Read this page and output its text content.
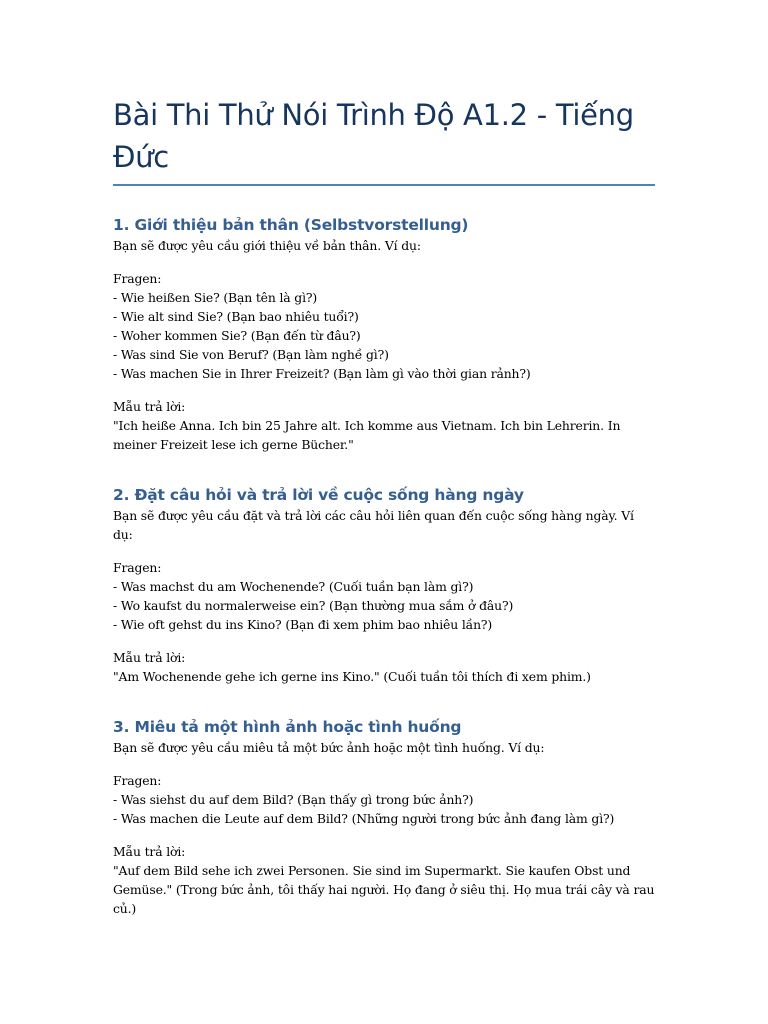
Bài Thi Thử Nói Trình Độ A1.2 - Tiếng Đức
1. Giới thiệu bản thân (Selbstvorstellung)

Bạn sẽ được yêu cầu giới thiệu về bản thân. Ví dụ:

Fragen:
- Wie heißen Sie? (Bạn tên là gì?)
- Wie alt sind Sie? (Bạn bao nhiêu tuổi?)
- Woher kommen Sie? (Bạn đến từ đâu?)
- Was sind Sie von Beruf? (Bạn làm nghề gì?)
- Was machen Sie in Ihrer Freizeit? (Bạn làm gì vào thời gian rảnh?)

Mẫu trả lời:
"Ich heiße Anna. Ich bin 25 Jahre alt. Ich komme aus Vietnam. Ich bin Lehrerin. In meiner Freizeit lese ich gerne Bücher."

2. Đặt câu hỏi và trả lời về cuộc sống hàng ngày

Bạn sẽ được yêu cầu đặt và trả lời các câu hỏi liên quan đến cuộc sống hàng ngày. Ví dụ:

Fragen:
- Was machst du am Wochenende? (Cuối tuần bạn làm gì?)
- Wo kaufst du normalerweise ein? (Bạn thường mua sắm ở đâu?)
- Wie oft gehst du ins Kino? (Bạn đi xem phim bao nhiêu lần?)

Mẫu trả lời:
"Am Wochenende gehe ich gerne ins Kino." (Cuối tuần tôi thích đi xem phim.)

3. Miêu tả một hình ảnh hoặc tình huống

Bạn sẽ được yêu cầu miêu tả một bức ảnh hoặc một tình huống. Ví dụ:

Fragen:
- Was siehst du auf dem Bild? (Bạn thấy gì trong bức ảnh?)
- Was machen die Leute auf dem Bild? (Những người trong bức ảnh đang làm gì?)

Mẫu trả lời:
"Auf dem Bild sehe ich zwei Personen. Sie sind im Supermarkt. Sie kaufen Obst und Gemüse." (Trong bức ảnh, tôi thấy hai người. Họ đang ở siêu thị. Họ mua trái cây và rau củ.)
